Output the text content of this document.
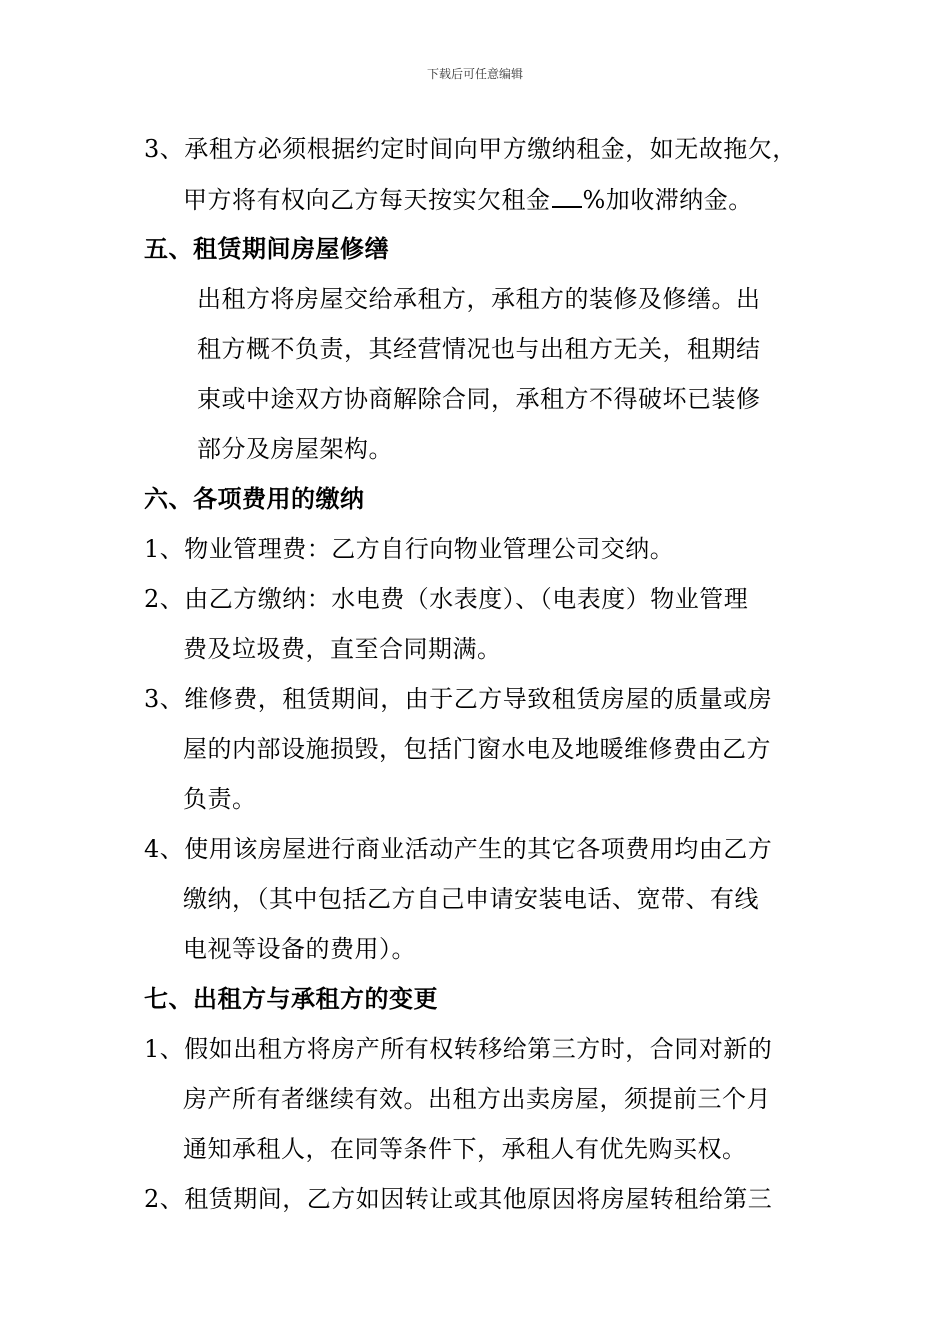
下载后可任意编辑
3、承租方必须根据约定时间向甲方缴纳租金，如无故拖欠，
甲方将有权向乙方每天按实欠租金 %加收滞纳金。
五、租赁期间房屋修缮
出租方将房屋交给承租方，承租方的装修及修缮。出
租方概不负责，其经营情况也与出租方无关，租期结
束或中途双方协商解除合同，承租方不得破坏已装修
部分及房屋架构。
六、各项费用的缴纳
1、物业管理费：乙方自行向物业管理公司交纳。
2、由乙方缴纳：水电费（水表度）、（电表度）物业管理
费及垃圾费，直至合同期满。
3、维修费，租赁期间，由于乙方导致租赁房屋的质量或房
屋的内部设施损毁，包括门窗水电及地暖维修费由乙方
负责。
4、使用该房屋进行商业活动产生的其它各项费用均由乙方
缴纳，（其中包括乙方自己申请安装电话、宽带、有线
电视等设备的费用）。
七、出租方与承租方的变更
1、假如出租方将房产所有权转移给第三方时，合同对新的
房产所有者继续有效。出租方出卖房屋，须提前三个月
通知承租人，在同等条件下，承租人有优先购买权。
2、租赁期间，乙方如因转让或其他原因将房屋转租给第三
